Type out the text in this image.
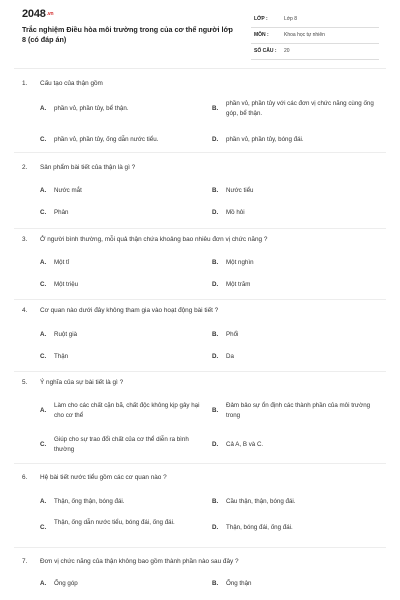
2048.vn
Trắc nghiệm Điều hòa môi trường trong của cơ thể người lớp 8 (có đáp án)
LỚP :	Lớp 8
MÔN :	Khoa học tự nhiên
SỐ CÂU : 20
1. Cấu tạo của thận gồm
A. phần vỏ, phần tủy, bể thận.	B.
phần vỏ, phần tủy với các đơn vị chức năng cùng ống góp, bể thận.
C. phần vỏ, phần tủy, ống dẫn nước tiểu.	D. phần vỏ, phần tủy, bóng đái.
2. Sản phẩm bài tiết của thận là gì ?
A. Nước mắt	B. Nước tiểu
C. Phân	D. Mồ hôi
3. Ở người bình thường, mỗi quả thận chứa khoảng bao nhiêu đơn vị chức năng ?
A. Một tỉ	B. Một nghìn
C. Một triệu	D. Một trăm
4. Cơ quan nào dưới đây không tham gia vào hoạt động bài tiết ?
A. Ruột già	B. Phổi
C. Thận	D. Da
5. Ý nghĩa của sự bài tiết là gì ?
A.
Làm cho các chất cặn bã, chất độc không kịp gây hại cho cơ thể
B.
Đảm bảo sự ổn định các thành phần của môi trường trong
C.
Giúp cho sự trao đổi chất của cơ thể diễn ra bình thường
D. Cả A, B và C.
6. Hệ bài tiết nước tiểu gồm các cơ quan nào ?
A. Thận, ống thận, bóng đái.	B. Cầu thận, thận, bóng đái.
C.
Thận, ống dẫn nước tiểu, bóng đái, ống đái.
D. Thận, bóng đái, ống đái.
7. Đơn vị chức năng của thận không bao gồm thành phần nào sau đây ?
A. Ống góp	B. Ống thận
